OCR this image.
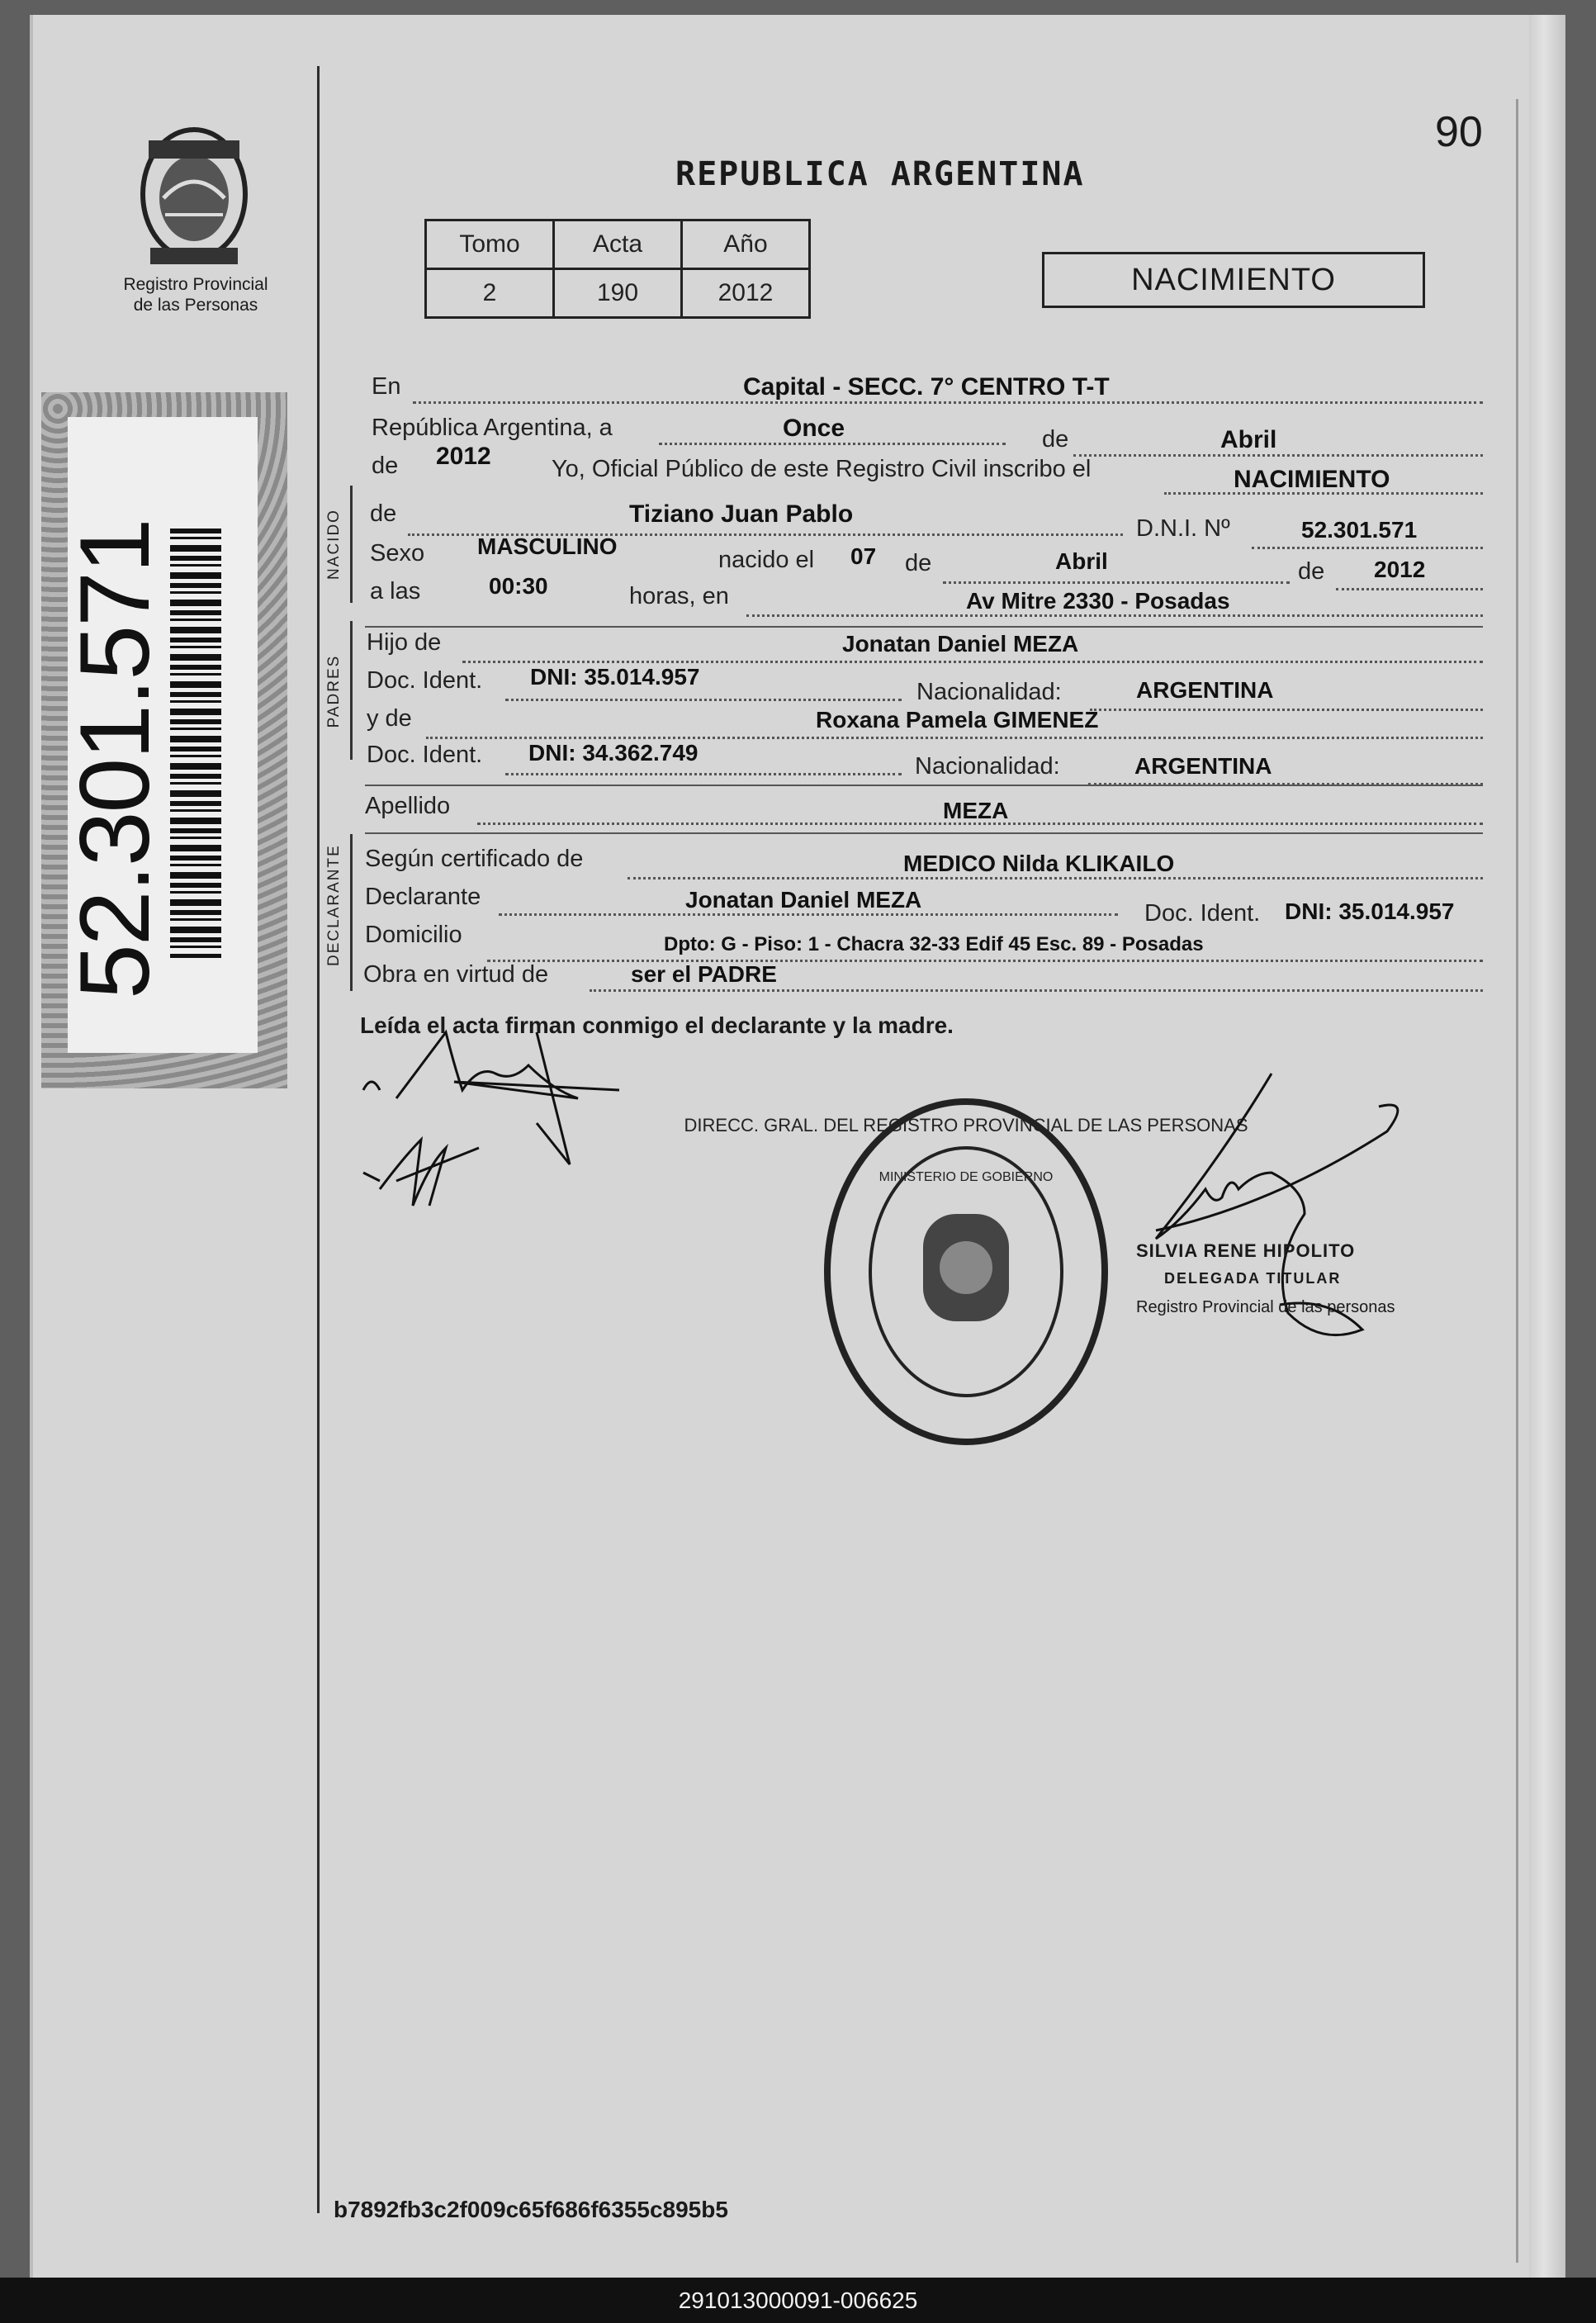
Registro Provincial
de las Personas
52.301.571
90
REPUBLICA ARGENTINA
Tomo	Acta	Año
2	190	2012	NACIMIENTO
NACIDO
PADRES
DECLARANTE
En	Capital - SECC. 7° CENTRO T-T
República Argentina, a	Once	de	Abril
de 2012	Yo, Oficial Público de este Registro Civil inscribo el	NACIMIENTO
de	Tiziano Juan Pablo
D.N.I. Nº	52.301.571
Sexo MASCULINO
nacido el 07 de	Abril	de 2012
a las	00:30	horas, en	Av Mitre 2330 - Posadas
Hijo de	Jonatan Daniel MEZA
Doc. Ident. DNI: 35.014.957
Nacionalidad:	ARGENTINA
y de	Roxana Pamela GIMENEZ
Doc. Ident. DNI: 34.362.749
Nacionalidad:	ARGENTINA
Apellido	MEZA
Según certificado de	MEDICO Nilda KLIKAILO
Declarante	Jonatan Daniel MEZA
Doc. Ident. DNI: 35.014.957
Domicilio	Dpto: G - Piso: 1 - Chacra 32-33 Edif 45 Esc. 89 - Posadas
Obra en virtud de	ser el PADRE
Leída el acta firman conmigo el declarante y la madre.
DIRECC. GRAL. DEL REGISTRO PROVINCIAL DE LAS PERSONAS
MINISTERIO DE GOBIERNO
SILVIA RENE HIPOLITO
DELEGADA TITULAR
Registro Provincial de las personas
b7892fb3c2f009c65f686f6355c895b5
291013000091-006625
